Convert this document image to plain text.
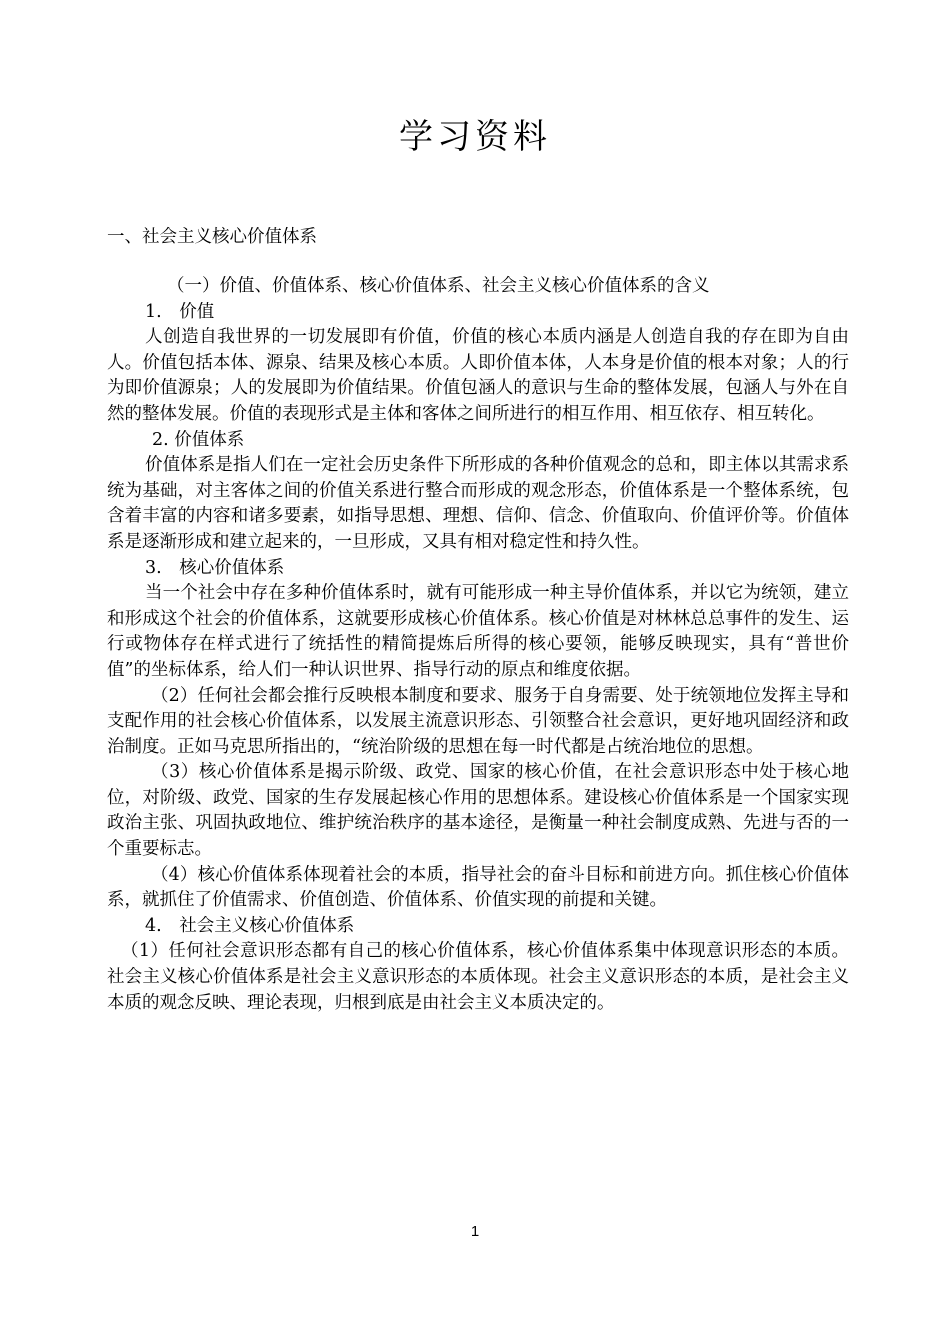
学习资料
一、社会主义核心价值体系

（一）价值、价值体系、核心价值体系、社会主义核心价值体系的含义

1.　价值

人创造自我世界的一切发展即有价值，价值的核心本质内涵是人创造自我的存在即为自由人。价值包括本体、源泉、结果及核心本质。人即价值本体，人本身是价值的根本对象；人的行为即价值源泉；人的发展即为价值结果。价值包涵人的意识与生命的整体发展，包涵人与外在自然的整体发展。价值的表现形式是主体和客体之间所进行的相互作用、相互依存、相互转化。

2. 价值体系

价值体系是指人们在一定社会历史条件下所形成的各种价值观念的总和，即主体以其需求系统为基础，对主客体之间的价值关系进行整合而形成的观念形态，价值体系是一个整体系统，包含着丰富的内容和诸多要素，如指导思想、理想、信仰、信念、价值取向、价值评价等。价值体系是逐渐形成和建立起来的，一旦形成，又具有相对稳定性和持久性。

3.　核心价值体系

当一个社会中存在多种价值体系时，就有可能形成一种主导价值体系，并以它为统领，建立和形成这个社会的价值体系，这就要形成核心价值体系。核心价值是对林林总总事件的发生、运行或物体存在样式进行了统括性的精简提炼后所得的核心要领，能够反映现实，具有“普世价值”的坐标体系，给人们一种认识世界、指导行动的原点和维度依据。

（2）任何社会都会推行反映根本制度和要求、服务于自身需要、处于统领地位发挥主导和支配作用的社会核心价值体系，以发展主流意识形态、引领整合社会意识，更好地巩固经济和政治制度。正如马克思所指出的，“统治阶级的思想在每一时代都是占统治地位的思想。

（3）核心价值体系是揭示阶级、政党、国家的核心价值，在社会意识形态中处于核心地位，对阶级、政党、国家的生存发展起核心作用的思想体系。建设核心价值体系是一个国家实现政治主张、巩固执政地位、维护统治秩序的基本途径，是衡量一种社会制度成熟、先进与否的一个重要标志。

（4）核心价值体系体现着社会的本质，指导社会的奋斗目标和前进方向。抓住核心价值体系，就抓住了价值需求、价值创造、价值体系、价值实现的前提和关键。

4.　社会主义核心价值体系

（1）任何社会意识形态都有自己的核心价值体系，核心价值体系集中体现意识形态的本质。社会主义核心价值体系是社会主义意识形态的本质体现。社会主义意识形态的本质，是社会主义本质的观念反映、理论表现，归根到底是由社会主义本质决定的。

1
